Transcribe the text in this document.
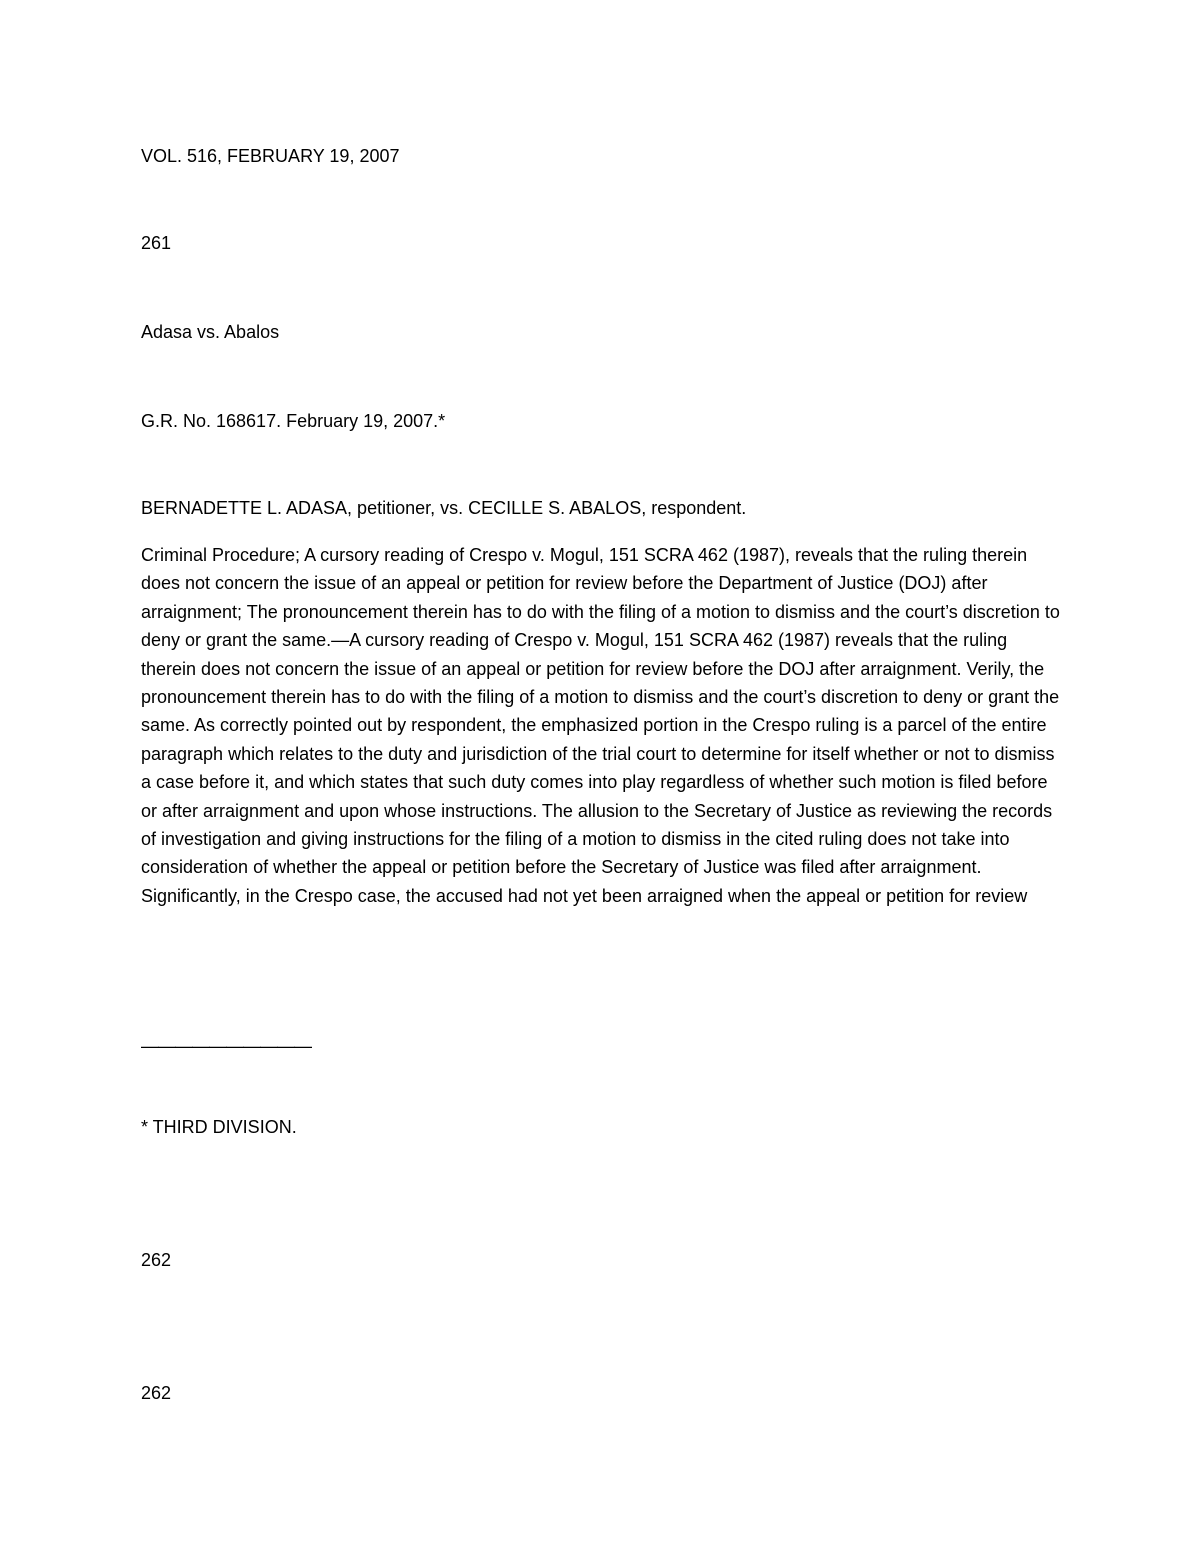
VOL. 516, FEBRUARY 19, 2007

261

Adasa vs. Abalos

G.R. No. 168617. February 19, 2007.*

BERNADETTE L. ADASA, petitioner, vs. CECILLE S. ABALOS, respondent.

Criminal Procedure; A cursory reading of Crespo v. Mogul, 151 SCRA 462 (1987), reveals that the ruling therein does not concern the issue of an appeal or petition for review before the Department of Justice (DOJ) after arraignment; The pronouncement therein has to do with the filing of a motion to dismiss and the court’s discretion to deny or grant the same.—A cursory reading of Crespo v. Mogul, 151 SCRA 462 (1987) reveals that the ruling therein does not concern the issue of an appeal or petition for review before the DOJ after arraignment. Verily, the pronouncement therein has to do with the filing of a motion to dismiss and the court’s discretion to deny or grant the same. As correctly pointed out by respondent, the emphasized portion in the Crespo ruling is a parcel of the entire paragraph which relates to the duty and jurisdiction of the trial court to determine for itself whether or not to dismiss a case before it, and which states that such duty comes into play regardless of whether such motion is filed before or after arraignment and upon whose instructions. The allusion to the Secretary of Justice as reviewing the records of investigation and giving instructions for the filing of a motion to dismiss in the cited ruling does not take into consideration of whether the appeal or petition before the Secretary of Justice was filed after arraignment. Significantly, in the Crespo case, the accused had not yet been arraigned when the appeal or petition for review

——————————

* THIRD DIVISION.

262

262
